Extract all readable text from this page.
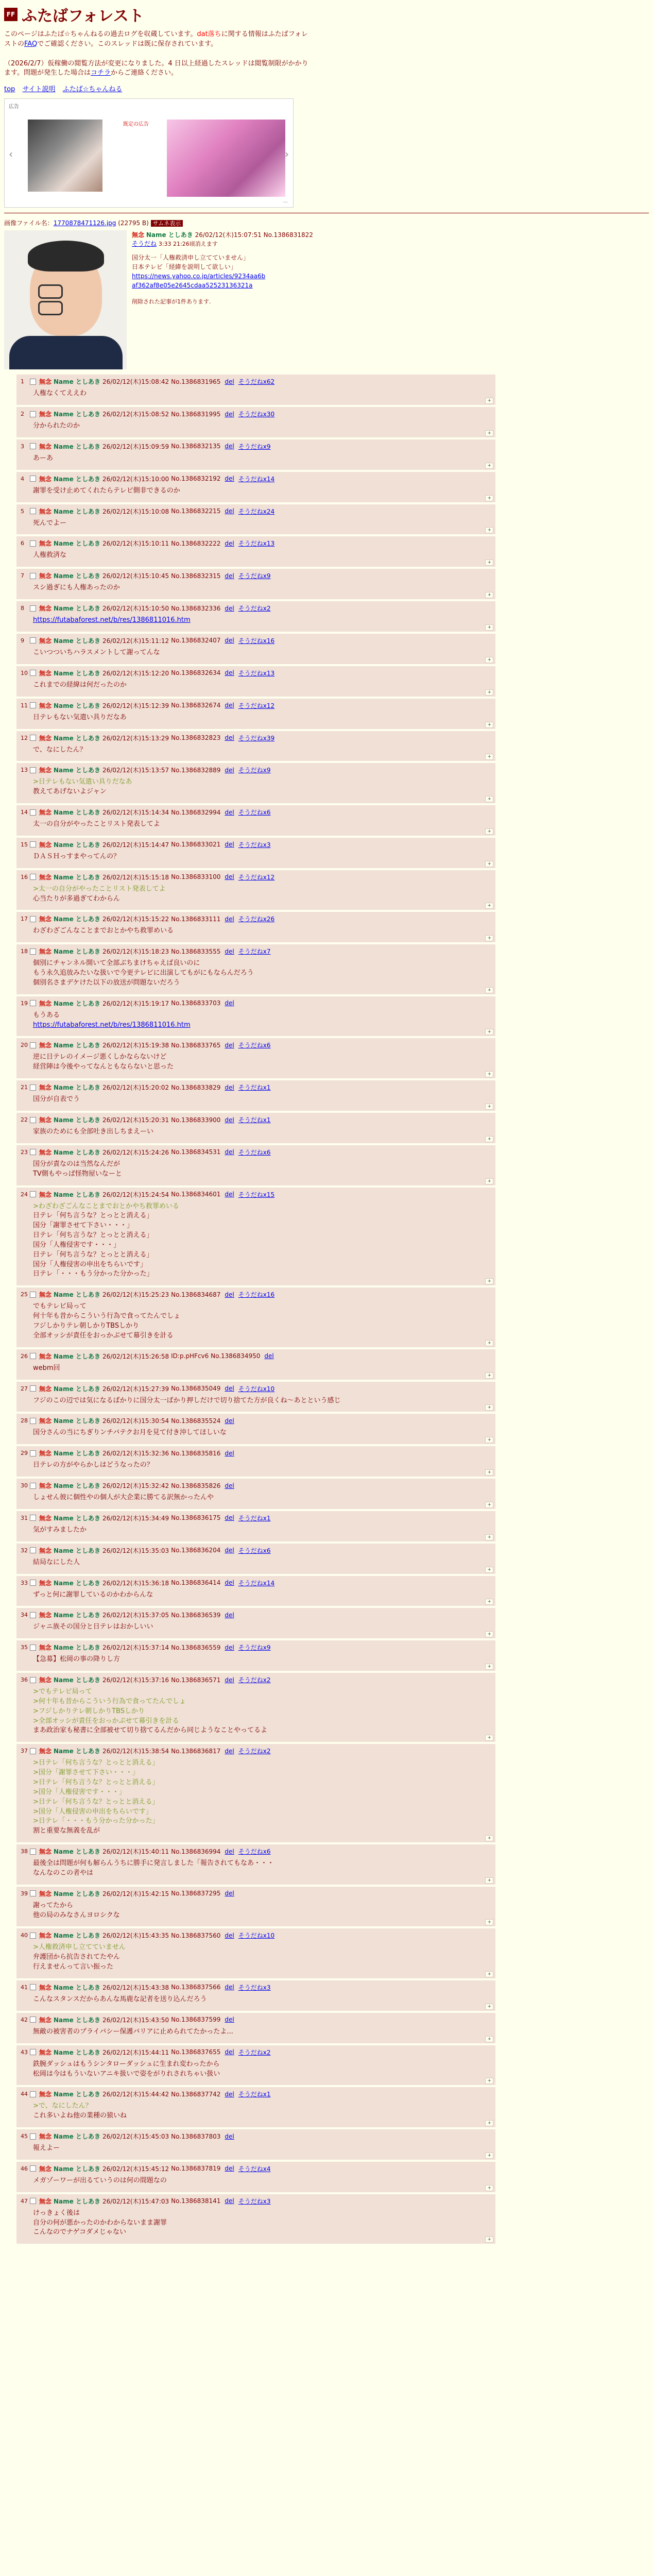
FF ふたばフォレスト
このページはふたば☆ちゃんねるの過去ログを収蔵しています。dat落ちに関する情報はふたばフォレストのFAQでご確認ください。このスレッドは既に保存されています。

（2026/2/7）仮稼働の閲覧方法が変更になりました。4 日以上経過したスレッドは閲覧制限がかかります。問題が発生した場合はコチラからご連絡ください。
top サイト説明 ふたば☆ちゃんねる
広告
‹
既定の広告
›
...
画像ファイル名：1770878471126.jpg (22795 B) サムネ表示
無念 Name としあき 26/02/12(木)15:07:51 No.1386831822
そうだね 3:33 21:26頃消えます
国分太一「人権救済申し立てていません」
日本テレビ「経緯を説明して欲しい」
https://news.yahoo.co.jp/articles/9234aa6baf362af8e05e2645cdaa52523136321a
削除された記事が1件あります.
1	無念 Name としあき 26/02/12(木)15:08:42 No.1386831965 del そうだねx62
人権なくてええわ
+
2	無念 Name としあき 26/02/12(木)15:08:52 No.1386831995 del そうだねx30
分かられたのか
+
3	無念 Name としあき 26/02/12(木)15:09:59 No.1386832135 del そうだねx9
あーあ
+
4	無念 Name としあき 26/02/12(木)15:10:00 No.1386832192 del そうだねx14
謝罪を受け止めてくれたらテレビ側非できるのか
+
5	無念 Name としあき 26/02/12(木)15:10:08 No.1386832215 del そうだねx24
死んでよー
+
6	無念 Name としあき 26/02/12(木)15:10:11 No.1386832222 del そうだねx13
人権救済な
+
7	無念 Name としあき 26/02/12(木)15:10:45 No.1386832315 del そうだねx9
スシ過ぎにも人権あったのか
+
8	無念 Name としあき 26/02/12(木)15:10:50 No.1386832336 del そうだねx2
https://futabaforest.net/b/res/1386811016.htm
+
9	無念 Name としあき 26/02/12(木)15:11:12 No.1386832407 del そうだねx16
こいつついちハラスメントして謝ってんな
+
10 無念 Name としあき 26/02/12(木)15:12:20 No.1386832634 del そうだねx13
これまでの経緯は何だったのか
+
11 無念 Name としあき 26/02/12(木)15:12:39 No.1386832674 del そうだねx12
日テレもない気遣い具りだなあ
+
12 無念 Name としあき 26/02/12(木)15:13:29 No.1386832823 del そうだねx39
で、なにしたん？
+
13 無念 Name としあき 26/02/12(木)15:13:57 No.1386832889 del そうだねx9
>日テレもない気遣い具りだなあ
教えてあげないよジャン
+
14 無念 Name としあき 26/02/12(木)15:14:34 No.1386832994 del そうだねx6
太一の自分がやったことリスト発表してよ
+
15 無念 Name としあき 26/02/12(木)15:14:47 No.1386833021 del そうだねx3
ＤＡＳＨっすまやってんの？
+
16 無念 Name としあき 26/02/12(木)15:15:18 No.1386833100 del そうだねx12
>太一の自分がやったことリスト発表してよ
心当たりが多過ぎてわからん
+
17 無念 Name としあき 26/02/12(木)15:15:22 No.1386833111 del そうだねx26
わざわざごんなことまでおとかやち救罪めいる
+
18 無念 Name としあき 26/02/12(木)15:18:23 No.1386833555 del そうだねx7
個別にチャンネル開いて全部ぶちまけちゃえば良いのに
もう永久追放みたいな扱いで今更テレビに出演してもがにもならんだろう
個別名さまデケけた以下の放送が問題ないだろう
+
19 無念 Name としあき 26/02/12(木)15:19:17 No.1386833703 del
もうある
https://futabaforest.net/b/res/1386811016.htm
+
20 無念 Name としあき 26/02/12(木)15:19:38 No.1386833765 del そうだねx6
逆に日テレのイメージ悪くしかならないけど
経営陣は今後やってなんともならないと思った
+
21 無念 Name としあき 26/02/12(木)15:20:02 No.1386833829 del そうだねx1
国分が自表でう
+
22 無念 Name としあき 26/02/12(木)15:20:31 No.1386833900 del そうだねx1
家族のためにも全部吐き出しちまえーい
+
23 無念 Name としあき 26/02/12(木)15:24:26 No.1386834531 del そうだねx6
国分が責なのは当然なんだが
TV側もやっぱ怪物屋いなーと
+
24 無念 Name としあき 26/02/12(木)15:24:54 No.1386834601 del そうだねx15
>わざわざごんなことまでおとかやち救罪めいる
日テレ「何ち言うな？とっとと消える」
国分「謝罪させて下さい・・・」
日テレ「何ち言うな？とっとと消える」
国分「人権侵害です・・・」
日テレ「何ち言うな？とっとと消える」
国分「人権侵害の申出をちらいです」
日テレ「・・・もう分かった分かった」
+
25 無念 Name としあき 26/02/12(木)15:25:23 No.1386834687 del そうだねx16
でもテレビ局って
何十年も昔からこういう行為で食ってたんでしょ
フジしかりテレ朝しかりTBSしかり
全部オッシが責任をおっかぶせて幕引きを計る
+
26 無念 Name としあき 26/02/12(木)15:26:58 ID:p.pHFcv6 No.1386834950 del
webm回
+
27 無念 Name としあき 26/02/12(木)15:27:39 No.1386835049 del そうだねx10
フジのこの辺では気になるばかりに国分太一ばかり押しだけで切り捨てた方が良くね～あとという感じ
+
28 無念 Name としあき 26/02/12(木)15:30:54 No.1386835524 del
国分さんの当にちぎりンチバテクお月を見て付き沖してほしいな
+
29 無念 Name としあき 26/02/12(木)15:32:36 No.1386835816 del
日テレの方がやらかしはどうなったの？
+
30 無念 Name としあき 26/02/12(木)15:32:42 No.1386835826 del
しょせん彼に個性やの個人が大企業に勝てる訳無かったんや
+
31 無念 Name としあき 26/02/12(木)15:34:49 No.1386836175 del そうだねx1
気がすみましたか
+
32 無念 Name としあき 26/02/12(木)15:35:03 No.1386836204 del そうだねx6
結局なにした人
+
33 無念 Name としあき 26/02/12(木)15:36:18 No.1386836414 del そうだねx14
ずっと何に謝罪しているのかわからんな
+
34 無念 Name としあき 26/02/12(木)15:37:05 No.1386836539 del
ジャニ族その国分と日テレはおかしいい
+
35 無念 Name としあき 26/02/12(木)15:37:14 No.1386836559 del そうだねx9
【急募】松岡の事の降りし方
+
36 無念 Name としあき 26/02/12(木)15:37:16 No.1386836571 del そうだねx2
>でもテレビ局って
>何十年も昔からこういう行為で食ってたんでしょ
>フジしかりテレ朝しかりTBSしかり
>全部オッシが責任をおっかぶせて幕引きを計る
まあ政治家も秘書に全部被せて切り捨てるんだから同じようなことやってるよ
+
37 無念 Name としあき 26/02/12(木)15:38:54 No.1386836817 del そうだねx2
>日テレ「何ち言うな？とっとと消える」
>国分「謝罪させて下さい・・・」
>日テレ「何ち言うな？とっとと消える」
>国分「人権侵害です・・・」
>日テレ「何ち言うな？とっとと消える」
>国分「人権侵害の申出をちらいです」
>日テレ「・・・もう分かった分かった」
割と重要な無義を乱が
+
38 無念 Name としあき 26/02/12(木)15:40:11 No.1386836994 del そうだねx6
最後全は問題が何も解らんうちに勝手に発言しました「報告されてもなあ・・・
なんなのこの者やは
+
39 無念 Name としあき 26/02/12(木)15:42:15 No.1386837295 del
謝ってたから
他の局のみなさんヨロシクな
+
40 無念 Name としあき 26/02/12(木)15:43:35 No.1386837560 del そうだねx10
>人権救済申し立てていません
弁護団から抗告されてたやん
行えませんって言い振った
+
41 無念 Name としあき 26/02/12(木)15:43:38 No.1386837566 del そうだねx3
こんなスタンスだからあんな馬鹿な記者を送り込んだろう
+
42 無念 Name としあき 26/02/12(木)15:43:50 No.1386837599 del
無敵の被害者のプライバシー保護バリアに止められてたかったよ...
+
43 無念 Name としあき 26/02/12(木)15:44:11 No.1386837655 del そうだねx2
鉄腕ダッシュはもうシンタローダッシュに生まれ変わったから
松岡は今はもういないアニキ扱いで姿をがりれされちゃい扱い
+
44 無念 Name としあき 26/02/12(木)15:44:42 No.1386837742 del そうだねx1
>で、なにしたん？
これ多いよね他の業種の猿いね
+
45 無念 Name としあき 26/02/12(木)15:45:03 No.1386837803 del
報えよー
+
46 無念 Name としあき 26/02/12(木)15:45:12 No.1386837819 del そうだねx4
メガゾーワーが出るていうのは何の間題なの
+
47 無念 Name としあき 26/02/12(木)15:47:03 No.1386838141 del そうだねx3
けっきょく後は
自分の何が悪かったのかわからないまま謝罪
こんなのでナゲコダメじゃない
+
